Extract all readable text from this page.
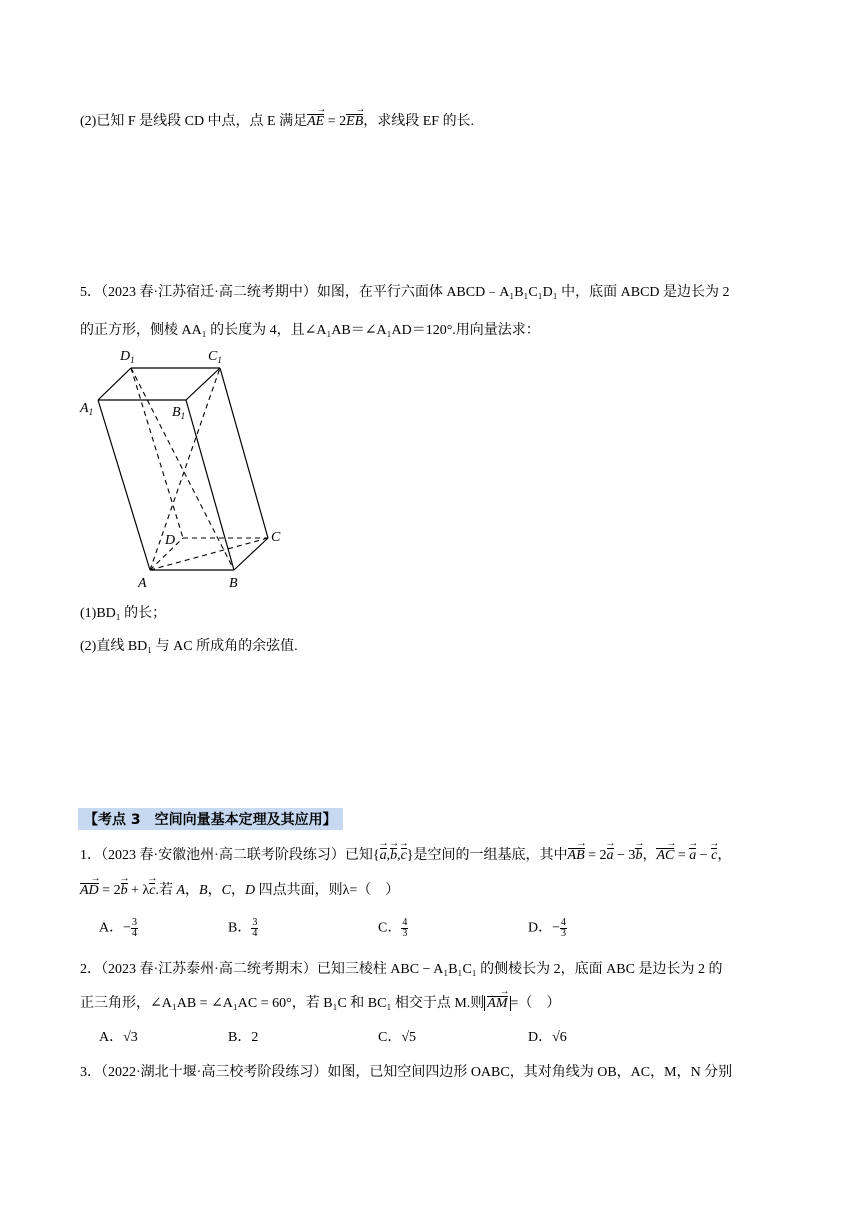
(2)已知 F 是线段 CD 中点，点 E 满足→ AE = 2→ EB，求线段 EF 的长.
5．（2023 春·江苏宿迁·高二统考期中）如图，在平行六面体 ABCD﹣A₁B₁C₁D₁ 中，底面 ABCD 是边长为 2
的正方形，侧棱 AA₁ 的长度为 4，且∠A₁AB＝∠A₁AD＝120°.用向量法求：
$D_1$	$C_1$
$A_1$	$B_1$
D	C
A	B
(1)BD₁ 的长；
(2)直线 BD₁ 与 AC 所成角的余弦值.
【考点 3　空间向量基本定理及其应用】
1．（2023 春·安徽池州·高二联考阶段练习）已知{→ a,→ b,→ c}是空间的一组基底，其中→ AB = 2→ a − 3→ b，→ AC = → a − → c，
→ AD = 2→ b + λ→ c.若 A，B，C，D 四点共面，则λ=（　）
A．− $\frac{3}{4}$	B． $\frac{3}{4}$	C． $\frac{4}{3}$	D．− $\frac{4}{3}$
2．（2023 春·江苏泰州·高二统考期末）已知三棱柱 ABC − A₁B₁C₁ 的侧棱长为 2，底面 ABC 是边长为 2 的
正三角形，∠A₁AB = ∠A₁AC = 60°，若 B₁C 和 BC₁ 相交于点 M.则→ AM =（　）
A．√3	B．2	C．√5	D．√6
3．（2022·湖北十堰·高三校考阶段练习）如图，已知空间四边形 OABC，其对角线为 OB，AC，M，N 分别
